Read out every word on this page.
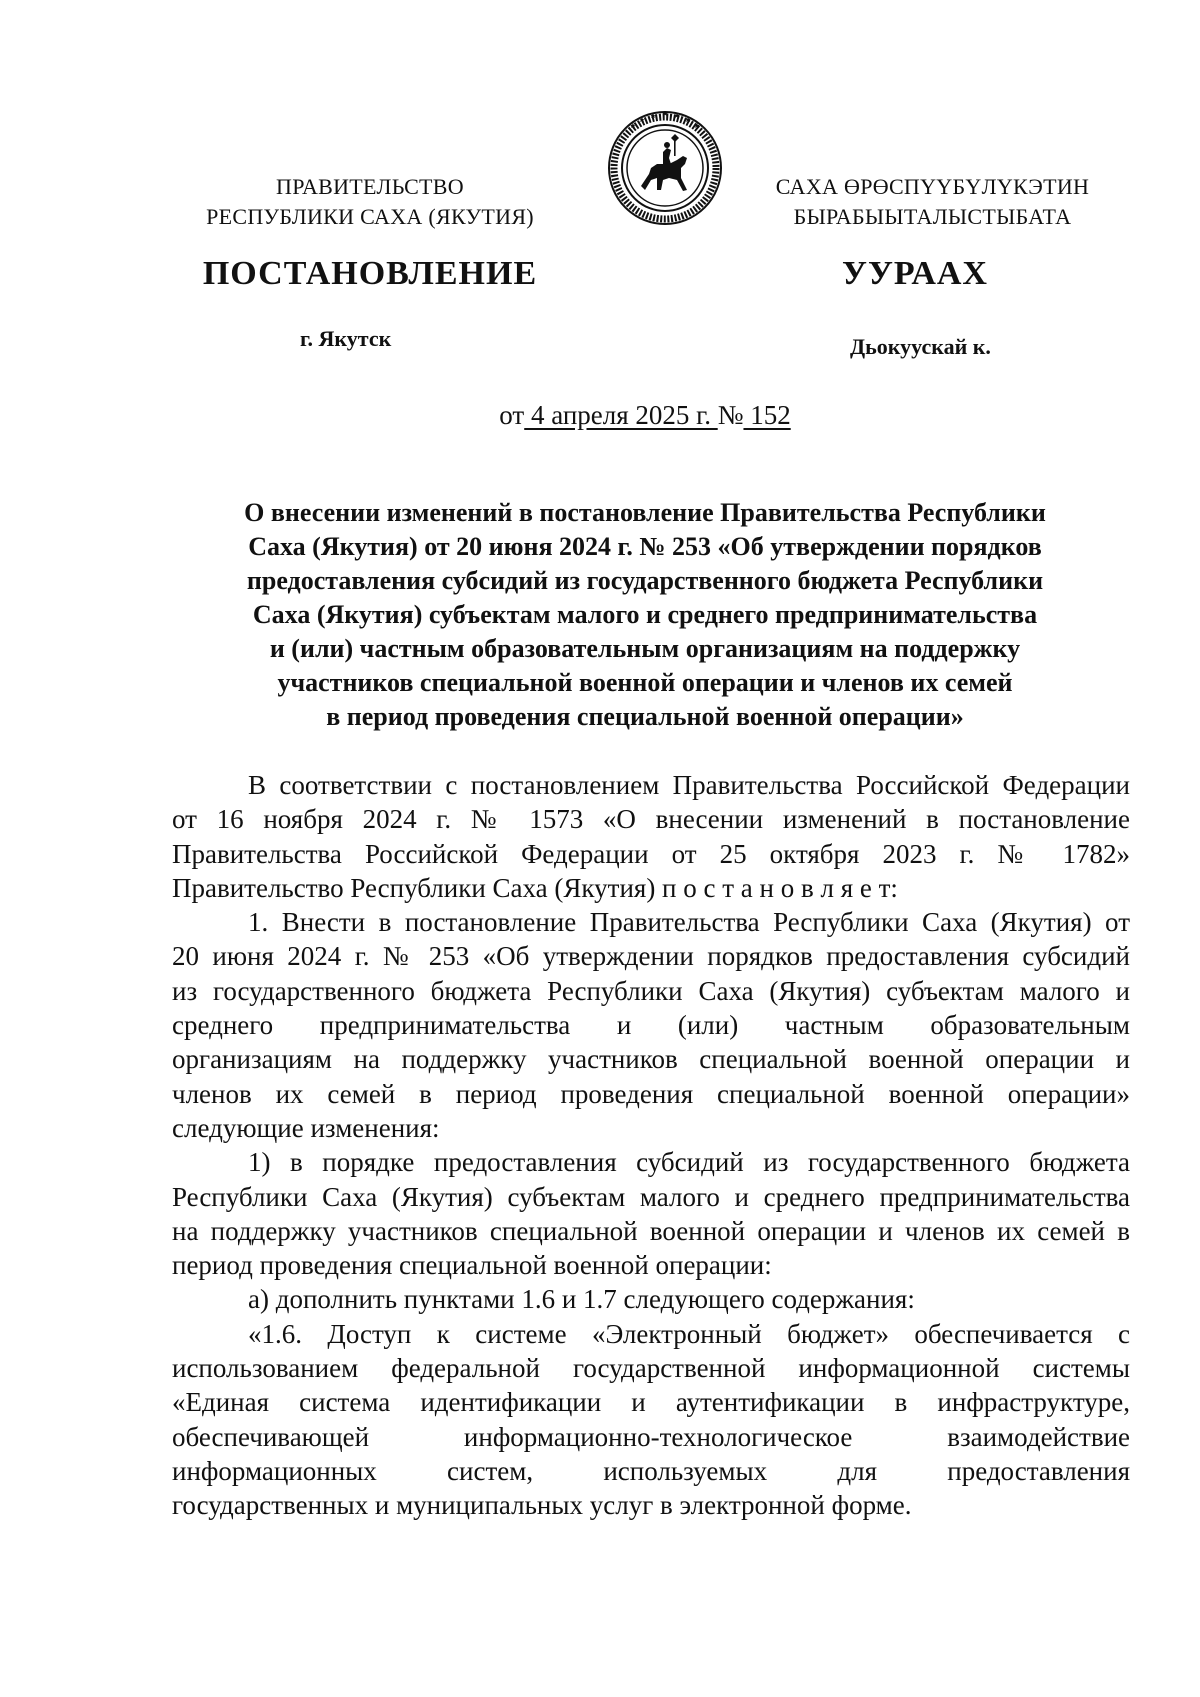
ПРАВИТЕЛЬСТВО
РЕСПУБЛИКИ САХА (ЯКУТИЯ)
САХА ӨРӨСПҮҮБҮЛҮКЭТИН
БЫРАБЫЫТАЛЫСТЫБАТА
ПОСТАНОВЛЕНИЕ	УУРААХ
г. Якутск	Дьокуускай к.
от 4 апреля 2025 г. № 152
О внесении изменений в постановление Правительства Республики
Саха (Якутия) от 20 июня 2024 г. № 253 «Об утверждении порядков
предоставления субсидий из государственного бюджета Республики
Саха (Якутия) субъектам малого и среднего предпринимательства
и (или) частным образовательным организациям на поддержку
участников специальной военной операции и членов их семей
в период проведения специальной военной операции»
В соответствии с постановлением Правительства Российской Федерации
от 16 ноября 2024 г. № 1573 «О внесении изменений в постановление
Правительства Российской Федерации от 25 октября 2023 г. № 1782»
Правительство Республики Саха (Якутия) п о с т а н о в л я е т:
1. Внести в постановление Правительства Республики Саха (Якутия) от
20 июня 2024 г. № 253 «Об утверждении порядков предоставления субсидий
из государственного бюджета Республики Саха (Якутия) субъектам малого и
среднего предпринимательства и (или) частным образовательным
организациям на поддержку участников специальной военной операции и
членов их семей в период проведения специальной военной операции»
следующие изменения:
1) в порядке предоставления субсидий из государственного бюджета
Республики Саха (Якутия) субъектам малого и среднего предпринимательства
на поддержку участников специальной военной операции и членов их семей в
период проведения специальной военной операции:
а) дополнить пунктами 1.6 и 1.7 следующего содержания:
«1.6. Доступ к системе «Электронный бюджет» обеспечивается с
использованием федеральной государственной информационной системы
«Единая система идентификации и аутентификации в инфраструктуре,
обеспечивающей информационно-технологическое взаимодействие
информационных систем, используемых для предоставления
государственных и муниципальных услуг в электронной форме.
